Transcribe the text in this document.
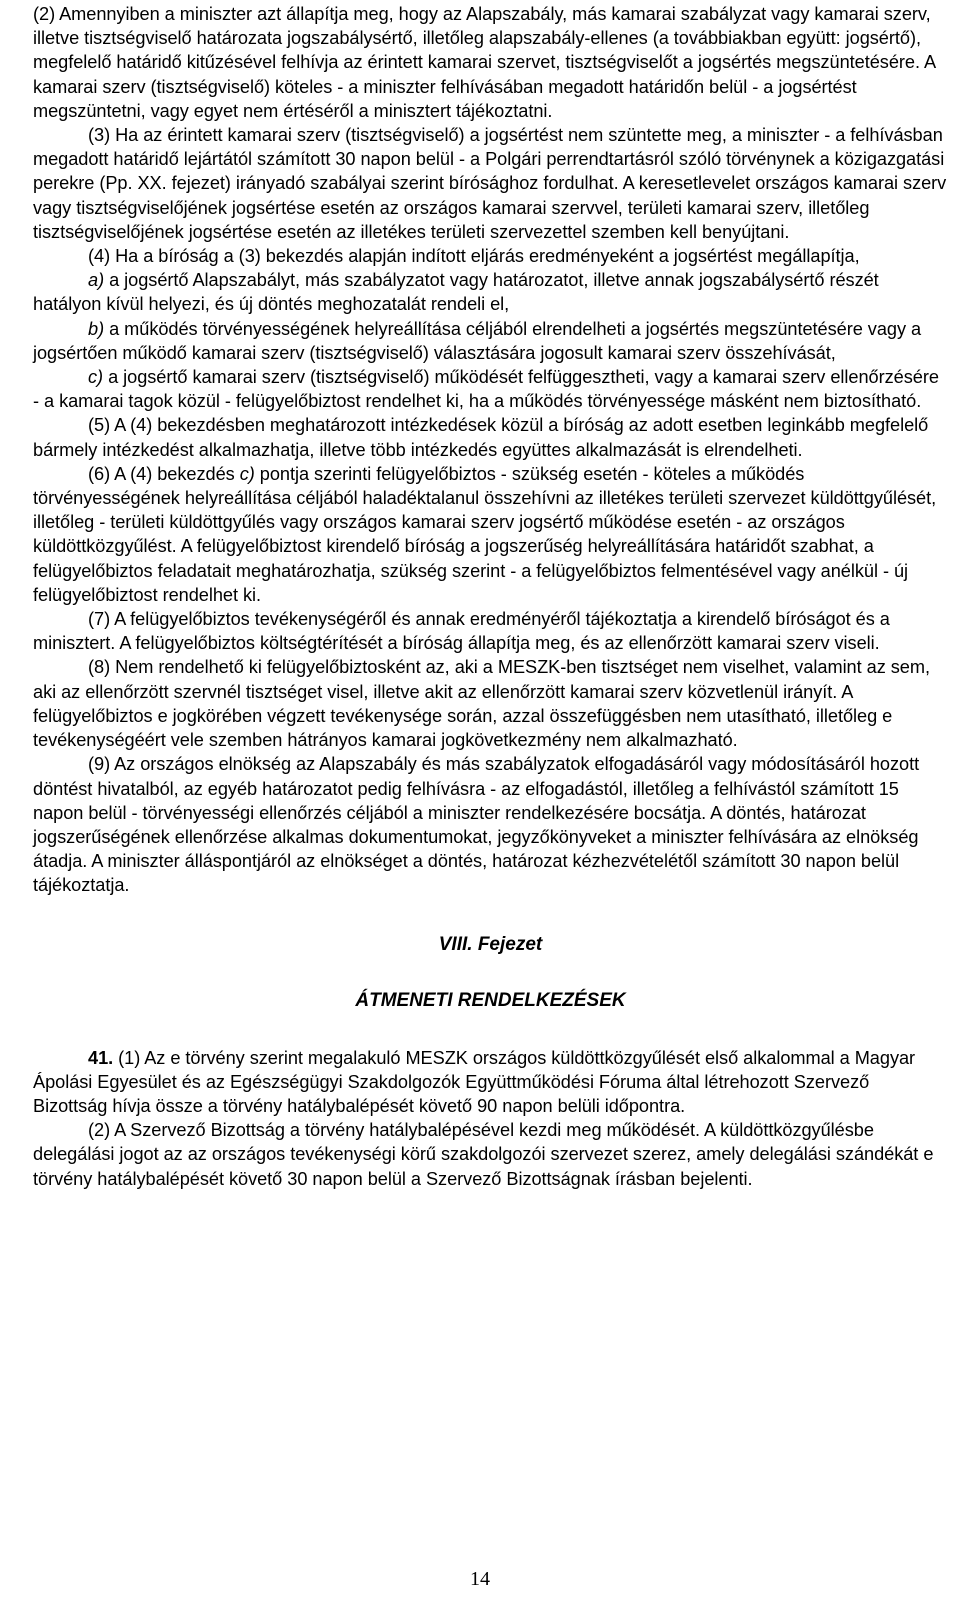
(2) Amennyiben a miniszter azt állapítja meg, hogy az Alapszabály, más kamarai szabályzat vagy kamarai szerv, illetve tisztségviselő határozata jogszabálysértő, illetőleg alapszabály-ellenes (a továbbiakban együtt: jogsértő), megfelelő határidő kitűzésével felhívja az érintett kamarai szervet, tisztségviselőt a jogsértés megszüntetésére. A kamarai szerv (tisztségviselő) köteles - a miniszter felhívásában megadott határidőn belül - a jogsértést megszüntetni, vagy egyet nem értéséről a minisztert tájékoztatni.

(3) Ha az érintett kamarai szerv (tisztségviselő) a jogsértést nem szüntette meg, a miniszter - a felhívásban megadott határidő lejártától számított 30 napon belül - a Polgári perrendtartásról szóló törvénynek a közigazgatási perekre (Pp. XX. fejezet) irányadó szabályai szerint bírósághoz fordulhat. A keresetlevelet országos kamarai szerv vagy tisztségviselőjének jogsértése esetén az országos kamarai szervvel, területi kamarai szerv, illetőleg tisztségviselőjének jogsértése esetén az illetékes területi szervezettel szemben kell benyújtani.

(4) Ha a bíróság a (3) bekezdés alapján indított eljárás eredményeként a jogsértést megállapítja,

a) a jogsértő Alapszabályt, más szabályzatot vagy határozatot, illetve annak jogszabálysértő részét hatályon kívül helyezi, és új döntés meghozatalát rendeli el,

b) a működés törvényességének helyreállítása céljából elrendelheti a jogsértés megszüntetésére vagy a jogsértően működő kamarai szerv (tisztségviselő) választására jogosult kamarai szerv összehívását,

c) a jogsértő kamarai szerv (tisztségviselő) működését felfüggesztheti, vagy a kamarai szerv ellenőrzésére - a kamarai tagok közül - felügyelőbiztost rendelhet ki, ha a működés törvényessége másként nem biztosítható.

(5) A (4) bekezdésben meghatározott intézkedések közül a bíróság az adott esetben leginkább megfelelő bármely intézkedést alkalmazhatja, illetve több intézkedés együttes alkalmazását is elrendelheti.

(6) A (4) bekezdés c) pontja szerinti felügyelőbiztos - szükség esetén - köteles a működés törvényességének helyreállítása céljából haladéktalanul összehívni az illetékes területi szervezet küldöttgyűlését, illetőleg - területi küldöttgyűlés vagy országos kamarai szerv jogsértő működése esetén - az országos küldöttközgyűlést. A felügyelőbiztost kirendelő bíróság a jogszerűség helyreállítására határidőt szabhat, a felügyelőbiztos feladatait meghatározhatja, szükség szerint - a felügyelőbiztos felmentésével vagy anélkül - új felügyelőbiztost rendelhet ki.

(7) A felügyelőbiztos tevékenységéről és annak eredményéről tájékoztatja a kirendelő bíróságot és a minisztert. A felügyelőbiztos költségtérítését a bíróság állapítja meg, és az ellenőrzött kamarai szerv viseli.

(8) Nem rendelhető ki felügyelőbiztosként az, aki a MESZK-ben tisztséget nem viselhet, valamint az sem, aki az ellenőrzött szervnél tisztséget visel, illetve akit az ellenőrzött kamarai szerv közvetlenül irányít. A felügyelőbiztos e jogkörében végzett tevékenysége során, azzal összefüggésben nem utasítható, illetőleg e tevékenységéért vele szemben hátrányos kamarai jogkövetkezmény nem alkalmazható.

(9) Az országos elnökség az Alapszabály és más szabályzatok elfogadásáról vagy módosításáról hozott döntést hivatalból, az egyéb határozatot pedig felhívásra - az elfogadástól, illetőleg a felhívástól számított 15 napon belül - törvényességi ellenőrzés céljából a miniszter rendelkezésére bocsátja. A döntés, határozat jogszerűségének ellenőrzése alkalmas dokumentumokat, jegyzőkönyveket a miniszter felhívására az elnökség átadja. A miniszter álláspontjáról az elnökséget a döntés, határozat kézhezvételétől számított 30 napon belül tájékoztatja.

VIII. Fejezet

ÁTMENETI RENDELKEZÉSEK

41. (1) Az e törvény szerint megalakuló MESZK országos küldöttközgyűlését első alkalommal a Magyar Ápolási Egyesület és az Egészségügyi Szakdolgozók Együttműködési Fóruma által létrehozott Szervező Bizottság hívja össze a törvény hatálybalépését követő 90 napon belüli időpontra.

(2) A Szervező Bizottság a törvény hatálybalépésével kezdi meg működését. A küldöttközgyűlésbe delegálási jogot az az országos tevékenységi körű szakdolgozói szervezet szerez, amely delegálási szándékát e törvény hatálybalépését követő 30 napon belül a Szervező Bizottságnak írásban bejelenti.

14
